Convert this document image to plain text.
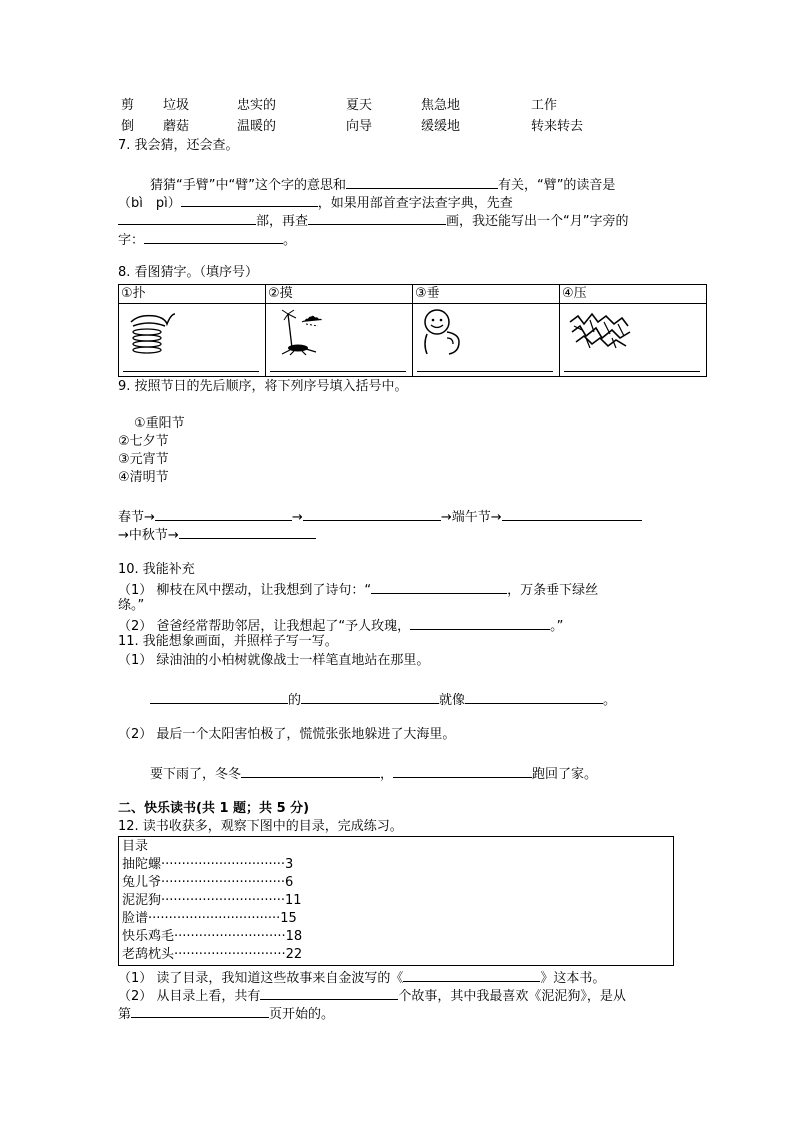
剪 垃圾	忠实的	夏天	焦急地	工作
倒 蘑菇	温暖的	向导	缓缓地	转来转去
7. 我会猜，还会查。
猜猜“手臂”中“臂”这个字的意思和	有关，“臂”的读音是
（bì　pì）	，如果用部首查字法查字典，先查
部，再查	画，我还能写出一个“月”字旁的
字：	。
8. 看图猜字。（填序号）
①扑	②摸	③垂	④压

9. 按照节日的先后顺序，将下列序号填入括号中。
①重阳节
②七夕节
③元宵节
④清明节
春节→	→	→端午节→
→中秋节→
10. 我能补充
（1） 柳枝在风中摆动，让我想到了诗句：“	，万条垂下绿丝
绦。”
（2） 爸爸经常帮助邻居，让我想起了“予人玫瑰，	。”
11. 我能想象画面，并照样子写一写。
（1） 绿油油的小柏树就像战士一样笔直地站在那里。
的	就像	。
（2） 最后一个太阳害怕极了，慌慌张张地躲进了大海里。
要下雨了，冬冬	，	跑回了家。
二、快乐读书(共 1 题；共 5 分)
12. 读书收获多，观察下图中的目录，完成练习。
目录
抽陀螺······························3
兔儿爷······························6
泥泥狗······························11
脸谱································15
快乐鸡毛···························18
老鸹枕头···························22
（1） 读了目录，我知道这些故事来自金波写的《	》这本书。
（2） 从目录上看，共有	个故事，其中我最喜欢《泥泥狗》，是从
第	页开始的。
